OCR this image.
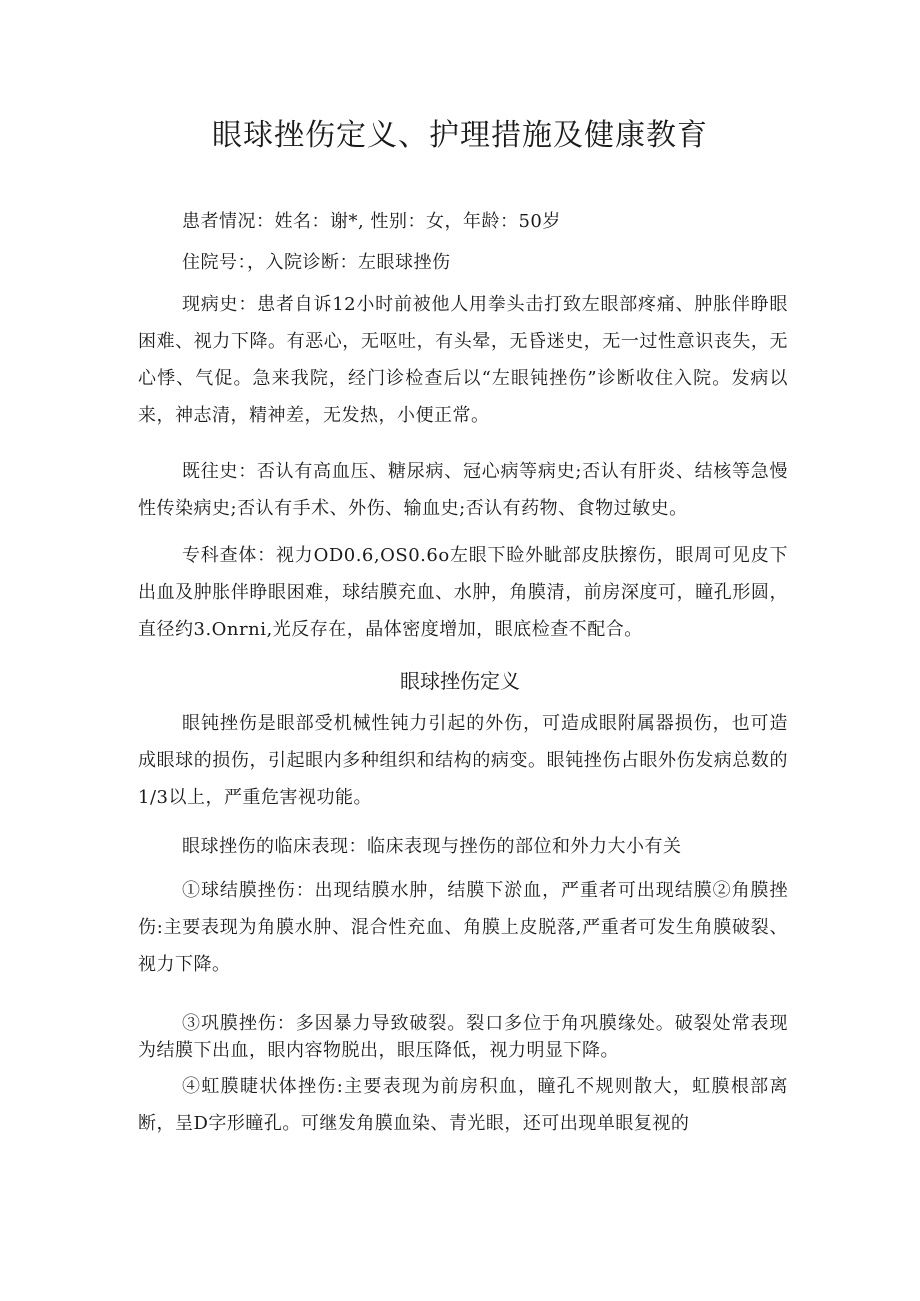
眼球挫伤定义、护理措施及健康教育

患者情况：姓名：谢*, 性别：女，年龄：50岁

住院号：，入院诊断：左眼球挫伤

现病史：患者自诉12小时前被他人用拳头击打致左眼部疼痛、肿胀伴睁眼困难、视力下降。有恶心，无呕吐，有头晕，无昏迷史，无一过性意识丧失，无心悸、气促。急来我院，经门诊检查后以“左眼钝挫伤”诊断收住入院。发病以来，神志清，精神差，无发热，小便正常。

既往史：否认有高血压、糖尿病、冠心病等病史;否认有肝炎、结核等急慢性传染病史;否认有手术、外伤、输血史;否认有药物、食物过敏史。

专科查体：视力OD0.6,OS0.6o左眼下睑外眦部皮肤擦伤，眼周可见皮下出血及肿胀伴睁眼困难，球结膜充血、水肿，角膜清，前房深度可，瞳孔形圆，直径约3.Onrni,光反存在，晶体密度增加，眼底检查不配合。

眼球挫伤定义

眼钝挫伤是眼部受机械性钝力引起的外伤，可造成眼附属器损伤，也可造成眼球的损伤，引起眼内多种组织和结构的病变。眼钝挫伤占眼外伤发病总数的1/3以上，严重危害视功能。

眼球挫伤的临床表现：临床表现与挫伤的部位和外力大小有关

①球结膜挫伤：出现结膜水肿，结膜下淤血，严重者可出现结膜②角膜挫伤:主要表现为角膜水肿、混合性充血、角膜上皮脱落,严重者可发生角膜破裂、视力下降。

③巩膜挫伤：多因暴力导致破裂。裂口多位于角巩膜缘处。破裂处常表现为结膜下出血，眼内容物脱出，眼压降低，视力明显下降。

④虹膜睫状体挫伤:主要表现为前房积血，瞳孔不规则散大，虹膜根部离断，呈D字形瞳孔。可继发角膜血染、青光眼，还可出现单眼复视的
